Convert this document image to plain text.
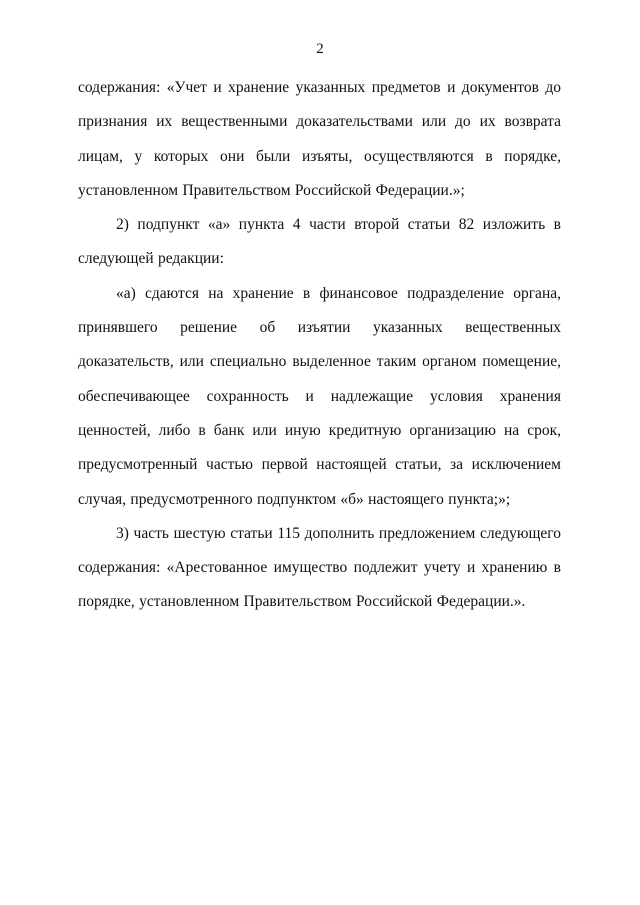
2

содержания: «Учет и хранение указанных предметов и документов до признания их вещественными доказательствами или до их возврата лицам, у которых они были изъяты, осуществляются в порядке, установленном Правительством Российской Федерации.»;

2) подпункт «а» пункта 4 части второй статьи 82 изложить в следующей редакции:

«а) сдаются на хранение в финансовое подразделение органа, принявшего решение об изъятии указанных вещественных доказательств, или специально выделенное таким органом помещение, обеспечивающее сохранность и надлежащие условия хранения ценностей, либо в банк или иную кредитную организацию на срок, предусмотренный частью первой настоящей статьи, за исключением случая, предусмотренного подпунктом «б» настоящего пункта;»;

3) часть шестую статьи 115 дополнить предложением следующего содержания: «Арестованное имущество подлежит учету и хранению в порядке, установленном Правительством Российской Федерации.».
